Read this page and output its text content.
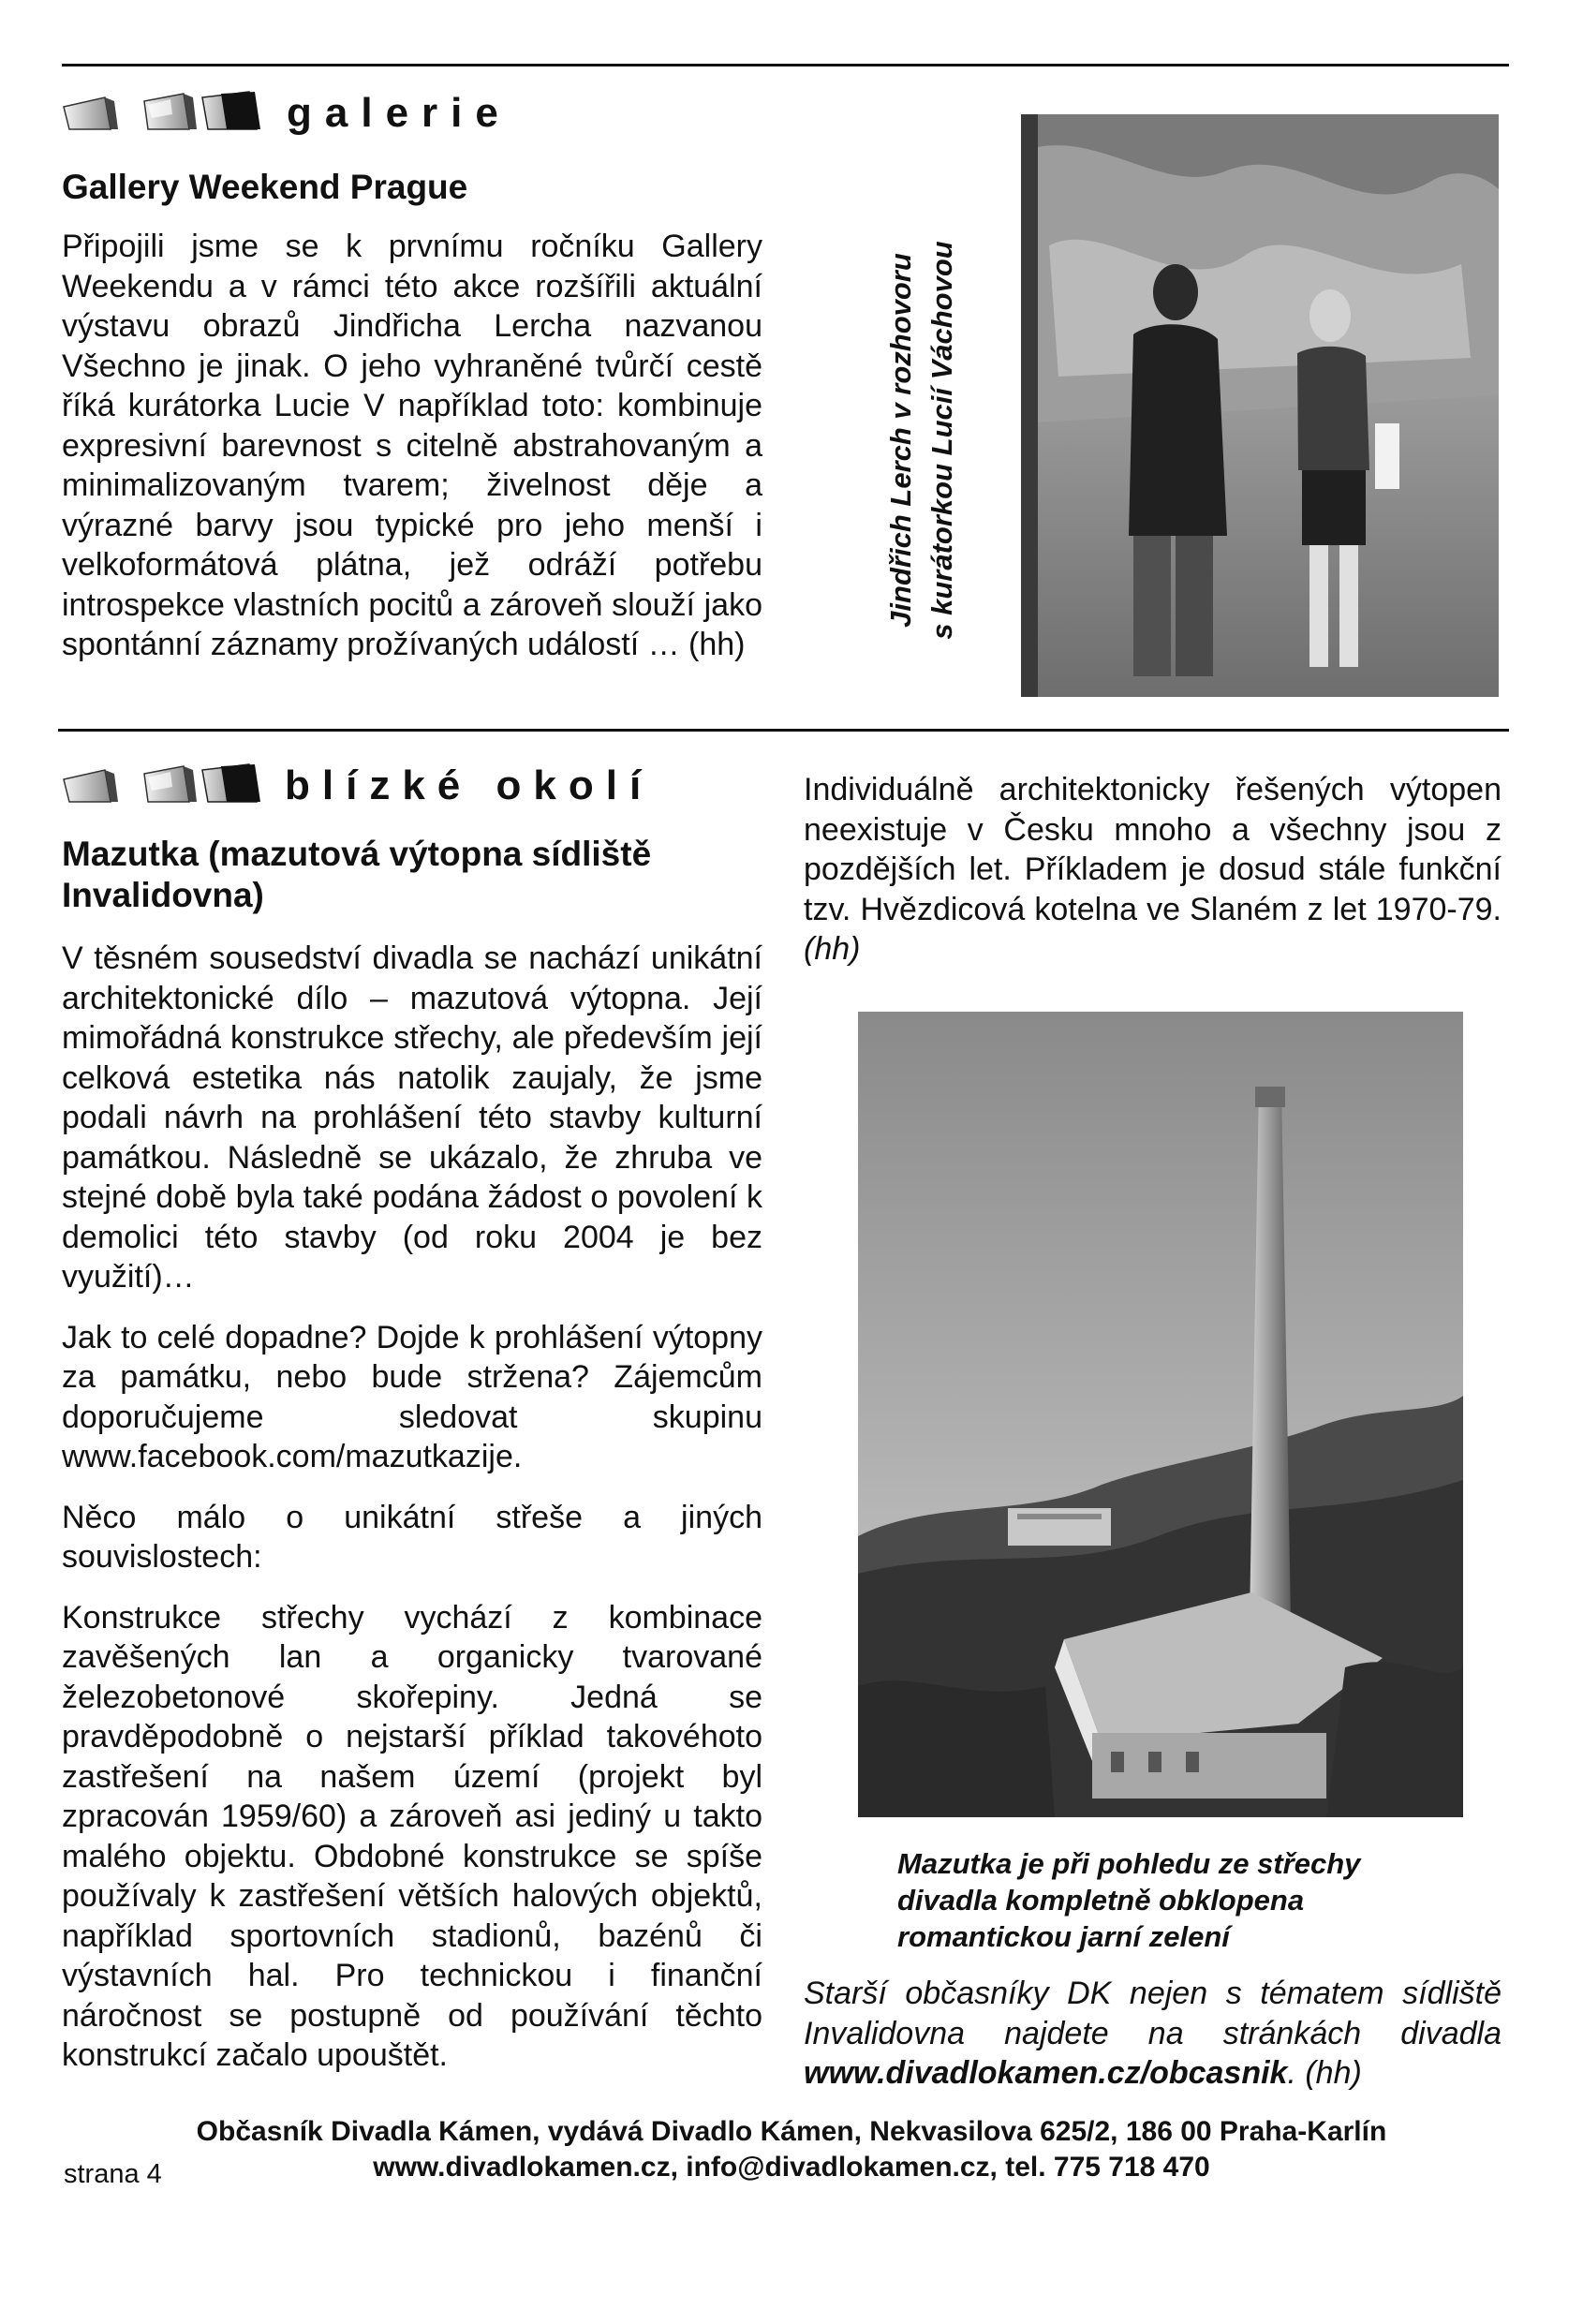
galerie
Gallery Weekend Prague
Připojili jsme se k prvnímu ročníku Gallery Weekendu a v rámci této akce rozšířili aktuální výstavu obrazů Jindřicha Lercha nazvanou Všechno je jinak. O jeho vyhraněné tvůrčí cestě říká kurátorka Lucie V například toto: kombinuje expresivní barevnost s citelně abstrahovaným a minimalizovaným tvarem; živelnost děje a výrazné barvy jsou typické pro jeho menší i velkoformátová plátna, jež odráží potřebu introspekce vlastních pocitů a zároveň slouží jako spontánní záznamy prožívaných událostí … (hh)
Jindřich Lerch v rozhovoru s kurátorkou Lucií Váchovou
blízké okolí
Mazutka (mazutová výtopna sídliště Invalidovna)

V těsném sousedství divadla se nachází unikátní architektonické dílo – mazutová výtopna. Její mimořádná konstrukce střechy, ale především její celková estetika nás natolik zaujaly, že jsme podali návrh na prohlášení této stavby kulturní památkou. Následně se ukázalo, že zhruba ve stejné době byla také podána žádost o povolení k demolici této stavby (od roku 2004 je bez využití)…

Jak to celé dopadne? Dojde k prohlášení výtopny za památku, nebo bude stržena? Zájemcům doporučujeme sledovat skupinu www.facebook.com/mazutkazije.

Něco málo o unikátní střeše a jiných souvislostech:

Konstrukce střechy vychází z kombinace zavěšených lan a organicky tvarované železobetonové skořepiny. Jedná se pravděpodobně o nejstarší příklad takovéhoto zastřešení na našem území (projekt byl zpracován 1959/60) a zároveň asi jediný u takto malého objektu. Obdobné konstrukce se spíše používaly k zastřešení větších halových objektů, například sportovních stadionů, bazénů či výstavních hal. Pro technickou i finanční náročnost se postupně od používání těchto konstrukcí začalo upouštět.

Individuálně architektonicky řešených výtopen neexistuje v Česku mnoho a všechny jsou z pozdějších let. Příkladem je dosud stále funkční tzv. Hvězdicová kotelna ve Slaném z let 1970-79. (hh)
Mazutka je při pohledu ze střechy divadla kompletně obklopena romantickou jarní zelení
Starší občasníky DK nejen s tématem sídliště Invalidovna najdete na stránkách divadla www.divadlokamen.cz/obcasnik. (hh)
Občasník Divadla Kámen, vydává Divadlo Kámen, Nekvasilova 625/2, 186 00 Praha-Karlín
www.divadlokamen.cz, info@divadlokamen.cz, tel. 775 718 470
strana 4
